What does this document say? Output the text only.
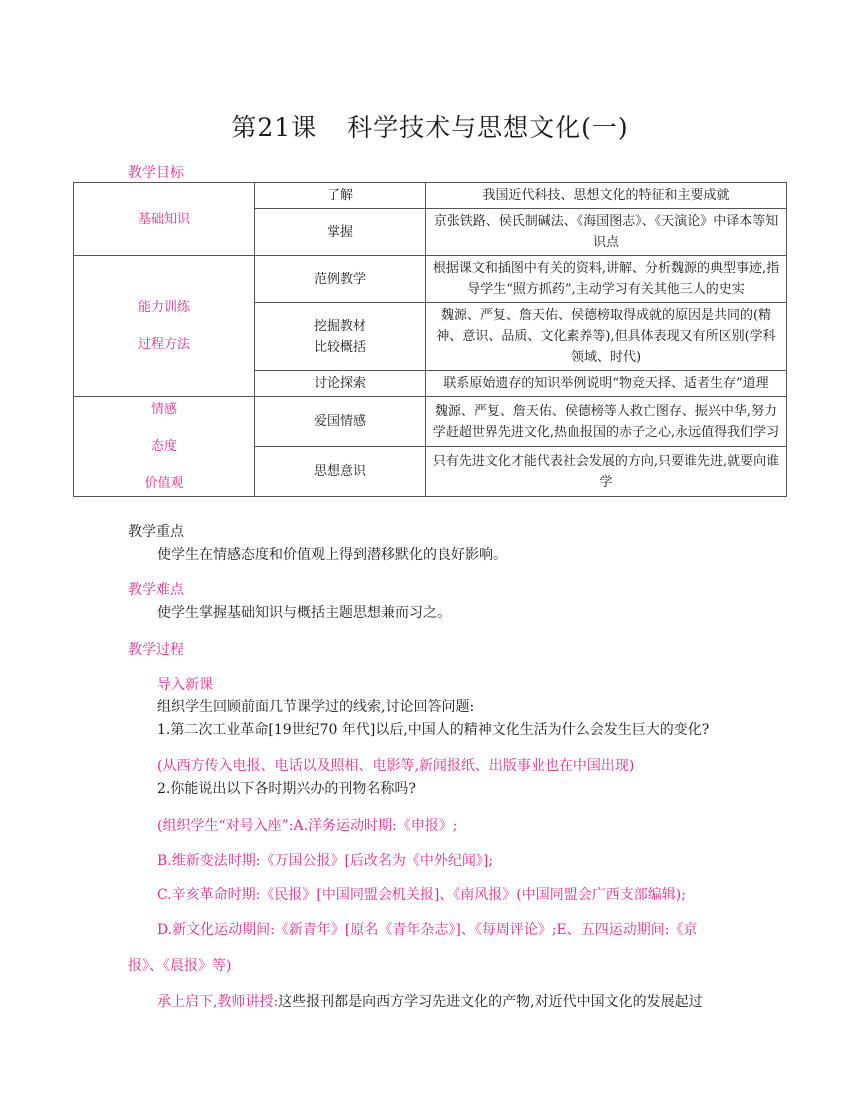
第21课 科学技术与思想文化(一)
教学目标
基础知识	了解	我国近代科技、思想文化的特征和主要成就

	掌握	京张铁路、侯氏制碱法、《海国图志》、《天演论》中译本等知识点

能力训练
过程方法	范例教学	根据课文和插图中有关的资料,讲解、分析魏源的典型事迹,指导学生“照方抓药”,主动学习有关其他三人的史实

	挖掘教材
比较概括	魏源、严复、詹天佑、侯德榜取得成就的原因是共同的(精神、意识、品质、文化素养等),但具体表现又有所区别(学科领域、时代)

	讨论探索	联系原始遗存的知识举例说明“物竞天择、适者生存”道理

情感
态度
价值观	爱国情感	魏源、严复、詹天佑、侯德榜等人救亡图存、振兴中华,努力学赶超世界先进文化,热血报国的赤子之心,永远值得我们学习

	思想意识	只有先进文化才能代表社会发展的方向,只要谁先进,就要向谁学
教学重点
使学生在情感态度和价值观上得到潜移默化的良好影响。
教学难点
使学生掌握基础知识与概括主题思想兼而习之。
教学过程
导入新课
组织学生回顾前面几节课学过的线索,讨论回答问题:
1.第二次工业革命[19世纪70 年代]以后,中国人的精神文化生活为什么会发生巨大的变化?
(从西方传入电报、电话以及照相、电影等,新闻报纸、出版事业也在中国出现)
2.你能说出以下各时期兴办的刊物名称吗?
(组织学生“对号入座”:A.洋务运动时期:《申报》;
B.维新变法时期:《万国公报》[后改名为《中外纪闻》];
C.辛亥革命时期:《民报》[中国同盟会机关报]、《南风报》(中国同盟会广西支部编辑);
D.新文化运动期间:《新青年》[原名《青年杂志》]、《每周评论》;E、五四运动期间:《京
报》、《晨报》等)
承上启下,教师讲授:这些报刊都是向西方学习先进文化的产物,对近代中国文化的发展起过
